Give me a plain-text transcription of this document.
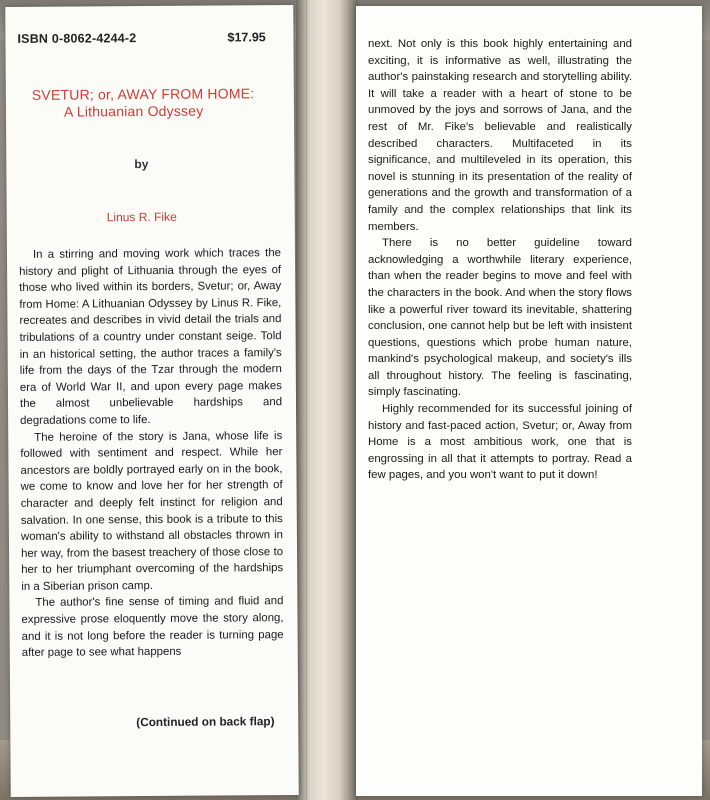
ISBN 0-8062-4244-2	$17.95
SVETUR; or, AWAY FROM HOME:
A Lithuanian Odyssey
by
Linus R. Fike

In a stirring and moving work which traces the history and plight of Lithuania through the eyes of those who lived within its borders, Svetur; or, Away from Home: A Lithuanian Odyssey by Linus R. Fike, recreates and describes in vivid detail the trials and tribulations of a country under constant seige. Told in an historical setting, the author traces a family's life from the days of the Tzar through the modern era of World War II, and upon every page makes the almost unbelievable hardships and degradations come to life.

The heroine of the story is Jana, whose life is followed with sentiment and respect. While her ancestors are boldly portrayed early on in the book, we come to know and love her for her strength of character and deeply felt instinct for religion and salvation. In one sense, this book is a tribute to this woman's ability to withstand all obstacles thrown in her way, from the basest treachery of those close to her to her triumphant overcoming of the hardships in a Siberian prison camp.

The author's fine sense of timing and fluid and expressive prose eloquently move the story along, and it is not long before the reader is turning page after page to see what happens

(Continued on back flap)

next. Not only is this book highly entertaining and exciting, it is informative as well, illustrating the author's painstaking research and storytelling ability. It will take a reader with a heart of stone to be unmoved by the joys and sorrows of Jana, and the rest of Mr. Fike's believable and realistically described characters. Multifaceted in its significance, and multileveled in its operation, this novel is stunning in its presentation of the reality of generations and the growth and transformation of a family and the complex relationships that link its members.

There is no better guideline toward acknowledging a worthwhile literary experience, than when the reader begins to move and feel with the characters in the book. And when the story flows like a powerful river toward its inevitable, shattering conclusion, one cannot help but be left with insistent questions, questions which probe human nature, mankind's psychological makeup, and society's ills all throughout history. The feeling is fascinating, simply fascinating.

Highly recommended for its successful joining of history and fast-paced action, Svetur; or, Away from Home is a most ambitious work, one that is engrossing in all that it attempts to portray. Read a few pages, and you won't want to put it down!
